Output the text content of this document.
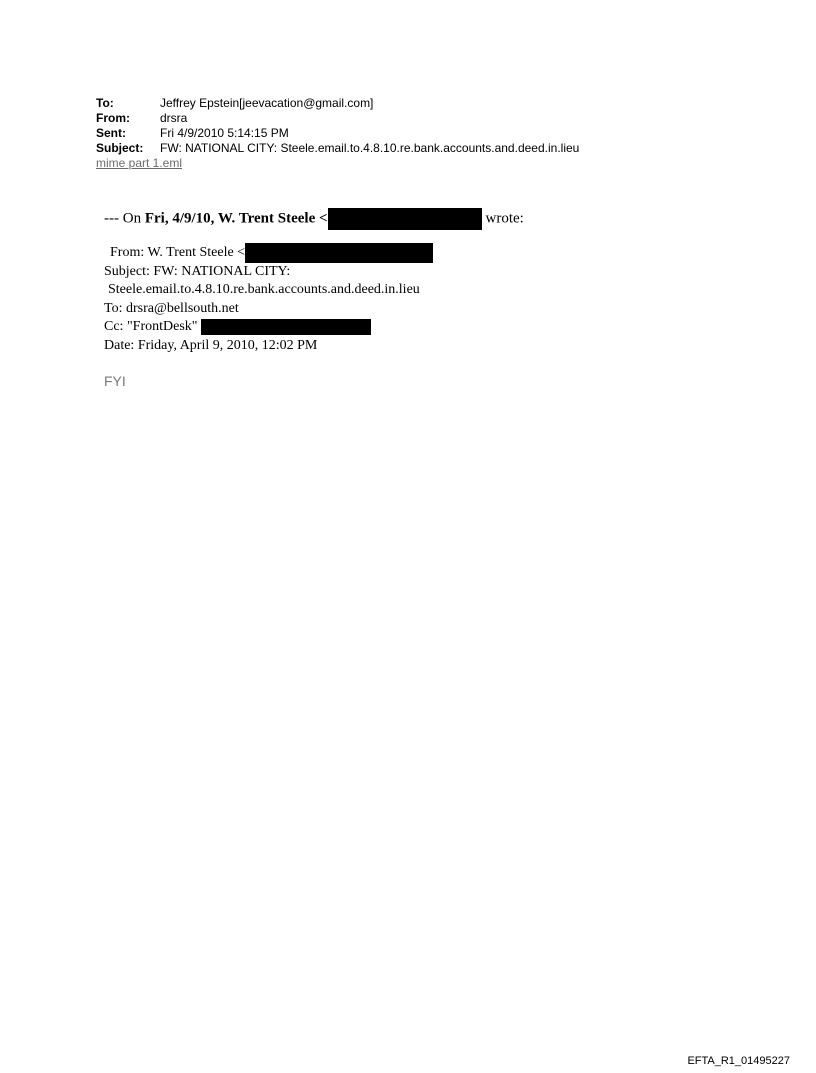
To:	Jeffrey Epstein[jeevacation@gmail.com]
From:	drsra
Sent:	Fri 4/9/2010 5:14:15 PM
Subject:	FW: NATIONAL CITY: Steele.email.to.4.8.10.re.bank.accounts.and.deed.in.lieu
mime part 1.eml
--- On Fri, 4/9/10, W. Trent Steele <	wrote:
From: W. Trent Steele <
Subject: FW: NATIONAL CITY:
Steele.email.to.4.8.10.re.bank.accounts.and.deed.in.lieu
To: drsra@bellsouth.net
Cc: "FrontDesk"
Date: Friday, April 9, 2010, 12:02 PM
FYI
EFTA_R1_01495227
